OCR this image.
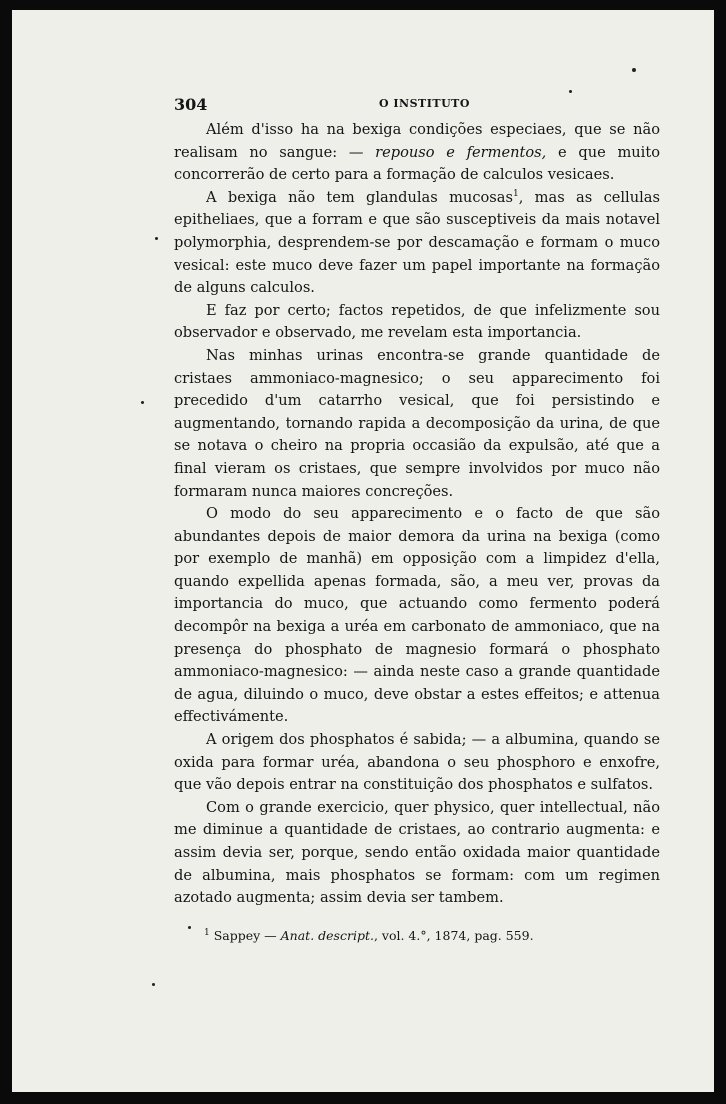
304	O INSTITUTO

Além d'isso ha na bexiga condições especiaes, que se não realisam no sangue: — repouso e fermentos, e que muito concorrerão de certo para a formação de calculos vesicaes.

A bexiga não tem glandulas mucosas$^1$, mas as cellulas epitheliaes, que a forram e que são susceptiveis da mais notavel polymorphia, desprendem-se por descamação e formam o muco vesical: este muco deve fazer um papel importante na formação de alguns calculos.

E faz por certo; factos repetidos, de que infelizmente sou observador e observado, me revelam esta importancia.

Nas minhas urinas encontra-se grande quantidade de cristaes ammoniaco-magnesico; o seu apparecimento foi precedido d'um catarrho vesical, que foi persistindo e augmentando, tornando rapida a decomposição da urina, de que se notava o cheiro na propria occasião da expulsão, até que a final vieram os cristaes, que sempre involvidos por muco não formaram nunca maiores concreções.

O modo do seu apparecimento e o facto de que são abundantes depois de maior demora da urina na bexiga (como por exemplo de manhã) em opposição com a limpidez d'ella, quando expellida apenas formada, são, a meu ver, provas da importancia do muco, que actuando como fermento poderá decompôr na bexiga a uréa em carbonato de ammoniaco, que na presença do phosphato de magnesio formará o phosphato ammoniaco-magnesico: — ainda neste caso a grande quantidade de agua, diluindo o muco, deve obstar a estes effeitos; e attenua effectivámente.

A origem dos phosphatos é sabida; — a albumina, quando se oxida para formar uréa, abandona o seu phosphoro e enxofre, que vão depois entrar na constituição dos phosphatos e sulfatos.

Com o grande exercicio, quer physico, quer intellectual, não me diminue a quantidade de cristaes, ao contrario augmenta: e assim devia ser, porque, sendo então oxidada maior quantidade de albumina, mais phosphatos se formam: com um regimen azotado augmenta; assim devia ser tambem.

$^1$ Sappey — Anat. descript., vol. 4.°, 1874, pag. 559.
